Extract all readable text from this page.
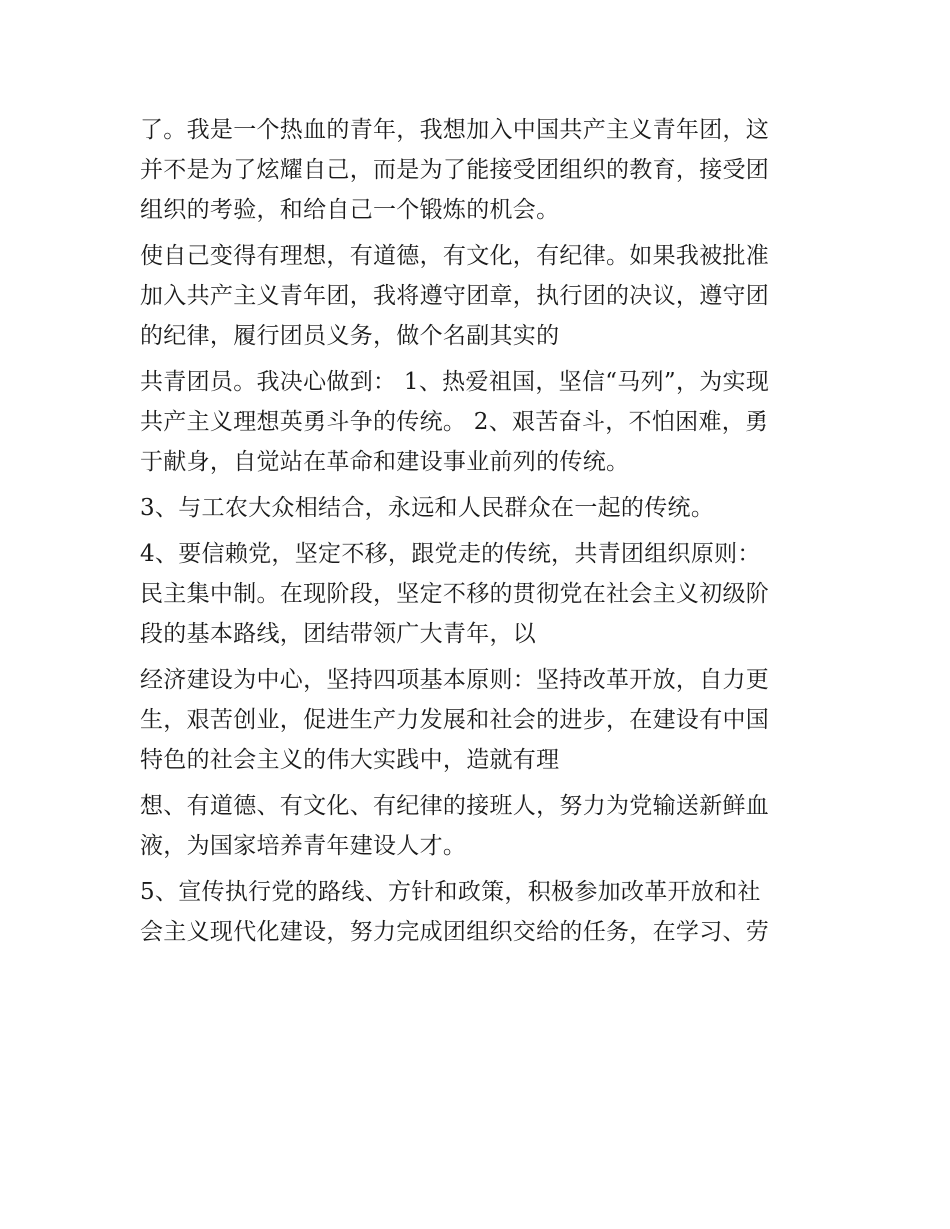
了。我是一个热血的青年，我想加入中国共产主义青年团，这
并不是为了炫耀自己，而是为了能接受团组织的教育，接受团
组织的考验，和给自己一个锻炼的机会。
使自己变得有理想，有道德，有文化，有纪律。如果我被批准
加入共产主义青年团，我将遵守团章，执行团的决议，遵守团
的纪律，履行团员义务，做个名副其实的
共青团员。我决心做到： 1、热爱祖国，坚信“马列”，为实现
共产主义理想英勇斗争的传统。 2、艰苦奋斗，不怕困难，勇
于献身，自觉站在革命和建设事业前列的传统。
3、与工农大众相结合，永远和人民群众在一起的传统。
4、要信赖党，坚定不移，跟党走的传统，共青团组织原则：
民主集中制。在现阶段，坚定不移的贯彻党在社会主义初级阶
段的基本路线，团结带领广大青年，以
经济建设为中心，坚持四项基本原则：坚持改革开放，自力更
生，艰苦创业，促进生产力发展和社会的进步，在建设有中国
特色的社会主义的伟大实践中，造就有理
想、有道德、有文化、有纪律的接班人，努力为党输送新鲜血
液，为国家培养青年建设人才。
5、宣传执行党的路线、方针和政策，积极参加改革开放和社
会主义现代化建设，努力完成团组织交给的任务，在学习、劳
